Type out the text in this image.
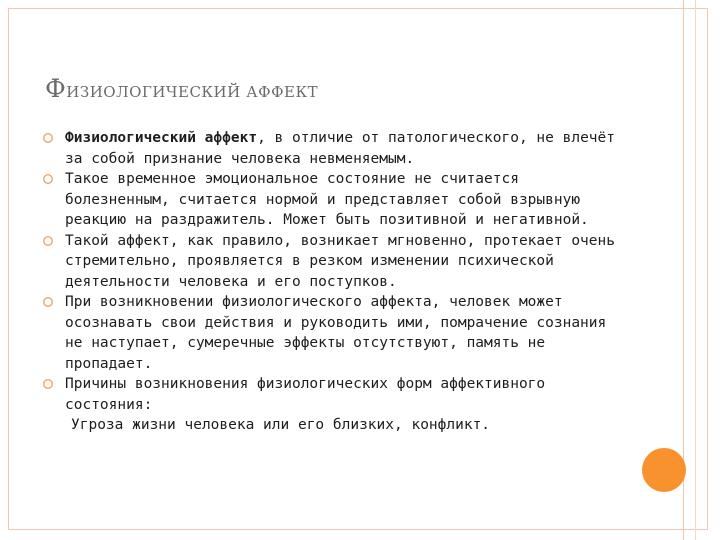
ФИЗИОЛОГИЧЕСКИЙ АФФЕКТ

Физиологический аффект, в отличие от патологического, не влечёт за собой признание человека невменяемым.

Такое временное эмоциональное состояние не считается болезненным, считается нормой и представляет собой взрывную реакцию на раздражитель. Может быть позитивной и негативной.

Такой аффект, как правило, возникает мгновенно, протекает очень стремительно, проявляется в резком изменении психической деятельности человека и его поступков.

При возникновении физиологического аффекта, человек может осознавать свои действия и руководить ими, помрачение сознания не наступает, сумеречные эффекты отсутствуют, память не пропадает.

Причины возникновения физиологических форм аффективного состояния:

Угроза жизни человека или его близких, конфликт.
